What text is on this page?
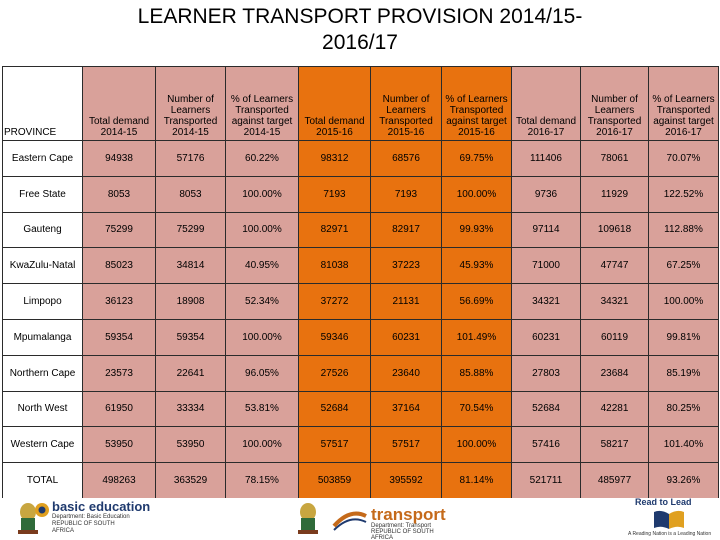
LEARNER TRANSPORT PROVISION 2014/15-
2016/17
PROVINCE	Total demand 2014-15	Number of Learners Transported 2014-15	% of Learners Transported against target 2014-15	Total demand 2015-16	Number of Learners Transported 2015-16	% of Learners Transported against target 2015-16	Total demand 2016-17	Number of Learners Transported 2016-17	% of Learners Transported against target 2016-17
Eastern Cape	94938	57176	60.22%	98312	68576	69.75%	111406	78061	70.07%
Free State	8053	8053	100.00%	7193	7193	100.00%	9736	11929	122.52%
Gauteng	75299	75299	100.00%	82971	82917	99.93%	97114	109618	112.88%
KwaZulu-Natal	85023	34814	40.95%	81038	37223	45.93%	71000	47747	67.25%
Limpopo	36123	18908	52.34%	37272	21131	56.69%	34321	34321	100.00%
Mpumalanga	59354	59354	100.00%	59346	60231	101.49%	60231	60119	99.81%
Northern Cape	23573	22641	96.05%	27526	23640	85.88%	27803	23684	85.19%
North West	61950	33334	53.81%	52684	37164	70.54%	52684	42281	80.25%
Western Cape	53950	53950	100.00%	57517	57517	100.00%	57416	58217	101.40%
TOTAL	498263	363529	78.15%	503859	395592	81.14%	521711	485977	93.26%
basic education
Department: Basic Education REPUBLIC OF SOUTH AFRICA
transport
Department: Transport REPUBLIC OF SOUTH AFRICA
Read to Lead
A Reading Nation is a Leading Nation
